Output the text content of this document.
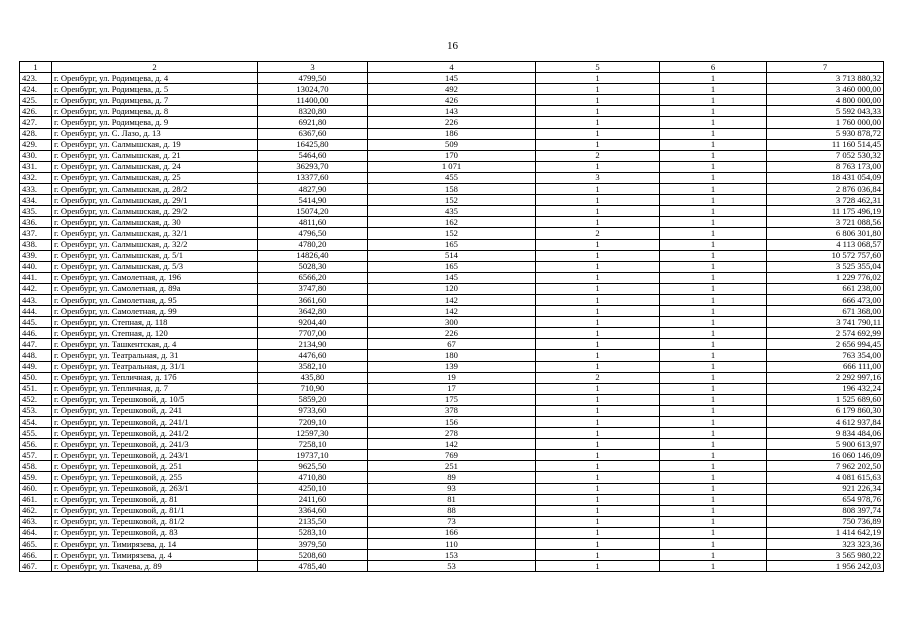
16
1	2	3	4	5	6	7
423.	г. Оренбург, ул. Родимцева, д. 4	4799,50	145	1	1	3 713 880,32
424.	г. Оренбург, ул. Родимцева, д. 5	13024,70	492	1	1	3 460 000,00
425.	г. Оренбург, ул. Родимцева, д. 7	11400,00	426	1	1	4 800 000,00
426.	г. Оренбург, ул. Родимцева, д. 8	8320,80	143	1	1	5 592 043,33
427.	г. Оренбург, ул. Родимцева, д. 9	6921,80	226	1	1	1 760 000,00
428.	г. Оренбург, ул. С. Лазо, д. 13	6367,60	186	1	1	5 930 878,72
429.	г. Оренбург, ул. Салмышская, д. 19	16425,80	509	1	1	11 160 514,45
430.	г. Оренбург, ул. Салмышская, д. 21	5464,60	170	2	1	7 052 530,32
431.	г. Оренбург, ул. Салмышская, д. 24	36293,70	1 071	1	1	8 763 173,00
432.	г. Оренбург, ул. Салмышская, д. 25	13377,60	455	3	1	18 431 054,09
433.	г. Оренбург, ул. Салмышская, д. 28/2	4827,90	158	1	1	2 876 036,84
434.	г. Оренбург, ул. Салмышская, д. 29/1	5414,90	152	1	1	3 728 462,31
435.	г. Оренбург, ул. Салмышская, д. 29/2	15074,20	435	1	1	11 175 496,19
436.	г. Оренбург, ул. Салмышская, д. 30	4811,60	162	1	1	3 721 088,56
437.	г. Оренбург, ул. Салмышская, д. 32/1	4796,50	152	2	1	6 806 301,80
438.	г. Оренбург, ул. Салмышская, д. 32/2	4780,20	165	1	1	4 113 068,57
439.	г. Оренбург, ул. Салмышская, д. 5/1	14826,40	514	1	1	10 572 757,60
440.	г. Оренбург, ул. Салмышская, д. 5/3	5028,30	165	1	1	3 525 355,04
441.	г. Оренбург, ул. Самолетная, д. 196	6566,20	145	1	1	1 229 776,02
442.	г. Оренбург, ул. Самолетная, д. 89а	3747,80	120	1	1	661 238,00
443.	г. Оренбург, ул. Самолетная, д. 95	3661,60	142	1	1	666 473,00
444.	г. Оренбург, ул. Самолетная, д. 99	3642,80	142	1	1	671 368,00
445.	г. Оренбург, ул. Степная, д. 118	9204,40	300	1	1	3 741 790,11
446.	г. Оренбург, ул. Степная, д. 120	7707,00	226	1	1	2 574 692,99
447.	г. Оренбург, ул. Ташкентская, д. 4	2134,90	67	1	1	2 656 994,45
448.	г. Оренбург, ул. Театральная, д. 31	4476,60	180	1	1	763 354,00
449.	г. Оренбург, ул. Театральная, д. 31/1	3582,10	139	1	1	666 111,00
450.	г. Оренбург, ул. Тепличная, д. 17б	435,80	19	2	1	2 292 997,16
451.	г. Оренбург, ул. Тепличная, д. 7	710,90	17	1	1	196 432,24
452.	г. Оренбург, ул. Терешковой, д. 10/5	5859,20	175	1	1	1 525 689,60
453.	г. Оренбург, ул. Терешковой, д. 241	9733,60	378	1	1	6 179 860,30
454.	г. Оренбург, ул. Терешковой, д. 241/1	7209,10	156	1	1	4 612 937,84
455.	г. Оренбург, ул. Терешковой, д. 241/2	12597,30	278	1	1	9 834 484,06
456.	г. Оренбург, ул. Терешковой, д. 241/3	7258,10	142	1	1	5 900 613,97
457.	г. Оренбург, ул. Терешковой, д. 243/1	19737,10	769	1	1	16 060 146,09
458.	г. Оренбург, ул. Терешковой, д. 251	9625,50	251	1	1	7 962 202,50
459.	г. Оренбург, ул. Терешковой, д. 255	4710,80	89	1	1	4 081 615,63
460.	г. Оренбург, ул. Терешковой, д. 263/1	4250,10	93	1	1	921 226,34
461.	г. Оренбург, ул. Терешковой, д. 81	2411,60	81	1	1	654 978,76
462.	г. Оренбург, ул. Терешковой, д. 81/1	3364,60	88	1	1	808 397,74
463.	г. Оренбург, ул. Терешковой, д. 81/2	2135,50	73	1	1	750 736,89
464.	г. Оренбург, ул. Терешковой, д. 83	5283,10	166	1	1	1 414 642,19
465.	г. Оренбург, ул. Тимирязева, д. 14	3979,50	110	1	1	323 323,36
466.	г. Оренбург, ул. Тимирязева, д. 4	5208,60	153	1	1	3 565 980,22
467.	г. Оренбург, ул. Ткачева, д. 89	4785,40	53	1	1	1 956 242,03
